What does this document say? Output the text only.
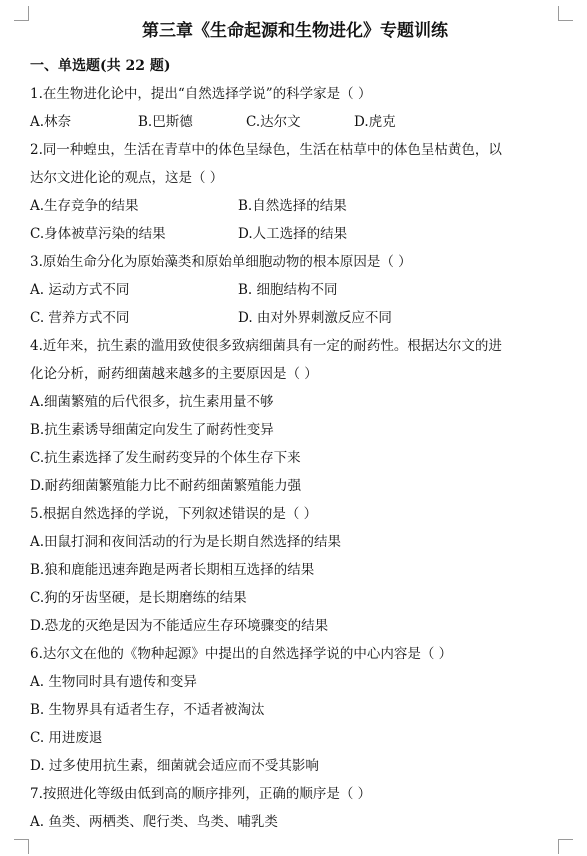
第三章《生命起源和生物进化》专题训练
一、单选题(共 22 题)
1.在生物进化论中，提出“自然选择学说”的科学家是（ ）
A.林奈	B.巴斯德	C.达尔文	D.虎克
2.同一种蝗虫，生活在青草中的体色呈绿色，生活在枯草中的体色呈枯黄色，以
达尔文进化论的观点，这是（ ）
A.生存竞争的结果	B.自然选择的结果
C.身体被草污染的结果	D.人工选择的结果
3.原始生命分化为原始藻类和原始单细胞动物的根本原因是（ ）
A. 运动方式不同	B. 细胞结构不同
C. 营养方式不同	D. 由对外界刺激反应不同
4.近年来，抗生素的滥用致使很多致病细菌具有一定的耐药性。根据达尔文的进
化论分析，耐药细菌越来越多的主要原因是（ ）
A.细菌繁殖的后代很多，抗生素用量不够
B.抗生素诱导细菌定向发生了耐药性变异
C.抗生素选择了发生耐药变异的个体生存下来
D.耐药细菌繁殖能力比不耐药细菌繁殖能力强
5.根据自然选择的学说，下列叙述错误的是（ ）
A.田鼠打洞和夜间活动的行为是长期自然选择的结果
B.狼和鹿能迅速奔跑是两者长期相互选择的结果
C.狗的牙齿坚硬，是长期磨练的结果
D.恐龙的灭绝是因为不能适应生存环境骤变的结果
6.达尔文在他的《物种起源》中提出的自然选择学说的中心内容是（ ）
A. 生物同时具有遗传和变异
B. 生物界具有适者生存，不适者被淘汰
C. 用进废退
D. 过多使用抗生素，细菌就会适应而不受其影响
7.按照进化等级由低到高的顺序排列，正确的顺序是（ ）
A. 鱼类、两栖类、爬行类、鸟类、哺乳类
